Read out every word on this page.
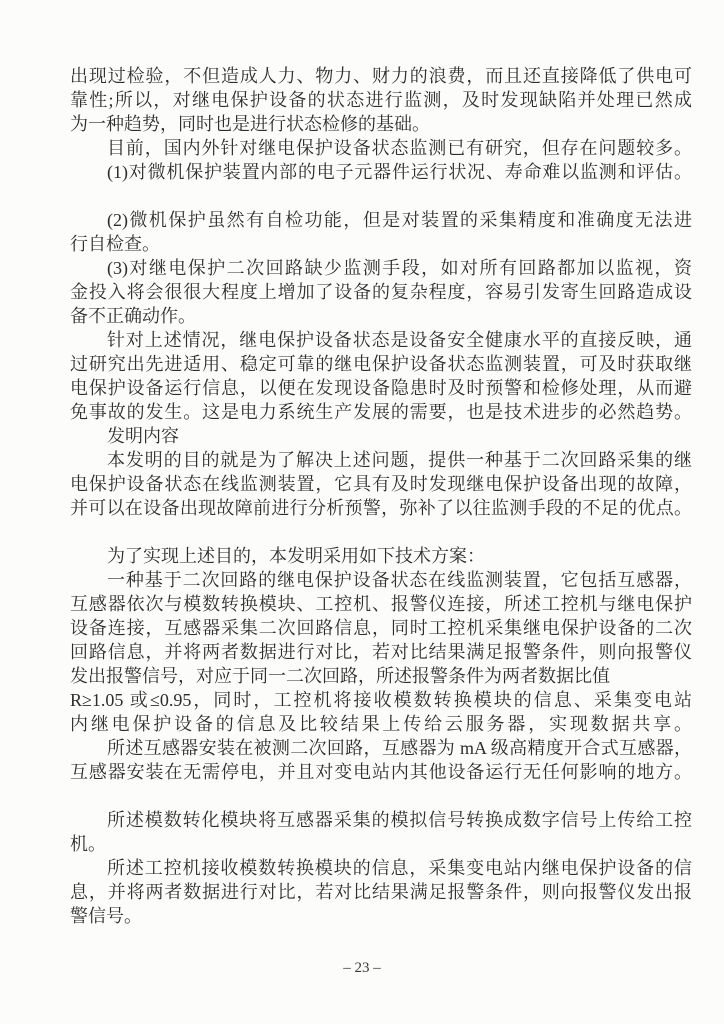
出现过检验，不但造成人力、物力、财力的浪费，而且还直接降低了供电可
靠性;所以，对继电保护设备的状态进行监测，及时发现缺陷并处理已然成
为一种趋势，同时也是进行状态检修的基础。
目前，国内外针对继电保护设备状态监测已有研究，但存在问题较多。
(1)对微机保护装置内部的电子元器件运行状况、寿命难以监测和评估。
(2)微机保护虽然有自检功能，但是对装置的采集精度和准确度无法进
行自检查。
(3)对继电保护二次回路缺少监测手段，如对所有回路都加以监视，资
金投入将会很很大程度上增加了设备的复杂程度，容易引发寄生回路造成设
备不正确动作。
针对上述情况，继电保护设备状态是设备安全健康水平的直接反映，通
过研究出先进适用、稳定可靠的继电保护设备状态监测装置，可及时获取继
电保护设备运行信息，以便在发现设备隐患时及时预警和检修处理，从而避
免事故的发生。这是电力系统生产发展的需要，也是技术进步的必然趋势。
发明内容
本发明的目的就是为了解决上述问题，提供一种基于二次回路采集的继
电保护设备状态在线监测装置，它具有及时发现继电保护设备出现的故障，
并可以在设备出现故障前进行分析预警，弥补了以往监测手段的不足的优点。
为了实现上述目的，本发明采用如下技术方案：
一种基于二次回路的继电保护设备状态在线监测装置，它包括互感器，
互感器依次与模数转换模块、工控机、报警仪连接，所述工控机与继电保护
设备连接，互感器采集二次回路信息，同时工控机采集继电保护设备的二次
回路信息，并将两者数据进行对比，若对比结果满足报警条件，则向报警仪
发出报警信号，对应于同一二次回路，所述报警条件为两者数据比值
R≥1.05 或≤0.95，同时，工控机将接收模数转换模块的信息、采集变电站
内继电保护设备的信息及比较结果上传给云服务器，实现数据共享。
所述互感器安装在被测二次回路，互感器为 mA 级高精度开合式互感器，
互感器安装在无需停电，并且对变电站内其他设备运行无任何影响的地方。
所述模数转化模块将互感器采集的模拟信号转换成数字信号上传给工控
机。
所述工控机接收模数转换模块的信息，采集变电站内继电保护设备的信
息，并将两者数据进行对比，若对比结果满足报警条件，则向报警仪发出报
警信号。
– 23 –
